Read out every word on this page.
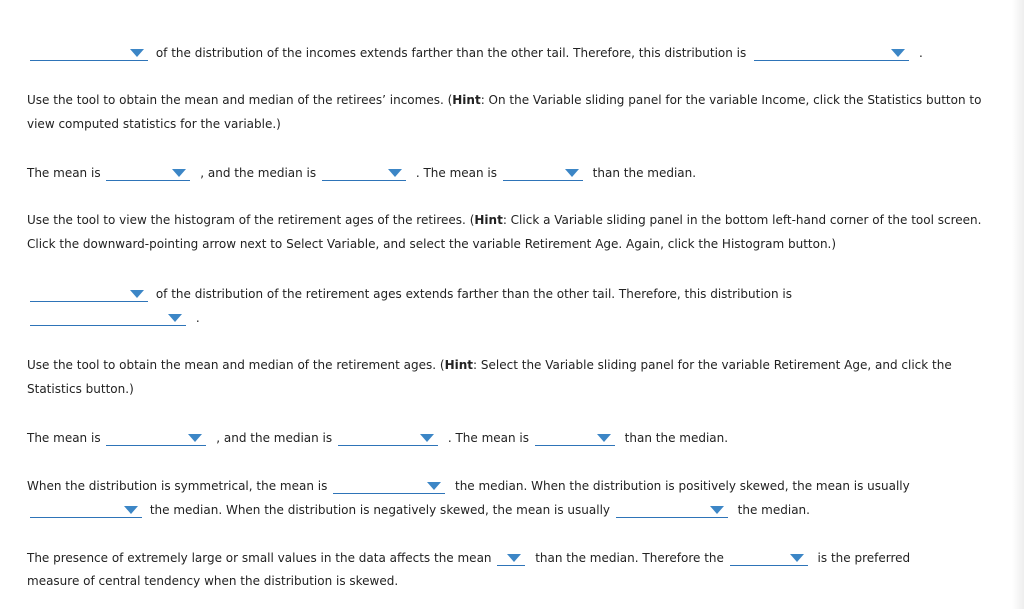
of the distribution of the incomes extends farther than the other tail. Therefore, this distribution is	.
Use the tool to obtain the mean and median of the retirees’ incomes. (Hint: On the Variable sliding panel for the variable Income, click the Statistics button to view computed statistics for the variable.)
The mean is	, and the median is	. The mean is	than the median.
Use the tool to view the histogram of the retirement ages of the retirees. (Hint: Click a Variable sliding panel in the bottom left-hand corner of the tool screen. Click the downward-pointing arrow next to Select Variable, and select the variable Retirement Age. Again, click the Histogram button.)
of the distribution of the retirement ages extends farther than the other tail. Therefore, this distribution is
.
Use the tool to obtain the mean and median of the retirement ages. (Hint: Select the Variable sliding panel for the variable Retirement Age, and click the Statistics button.)
The mean is	, and the median is	. The mean is	than the median.
When the distribution is symmetrical, the mean is	the median. When the distribution is positively skewed, the mean is usually
the median. When the distribution is negatively skewed, the mean is usually	the median.
The presence of extremely large or small values in the data affects the mean	than the median. Therefore the	is the preferred
measure of central tendency when the distribution is skewed.
